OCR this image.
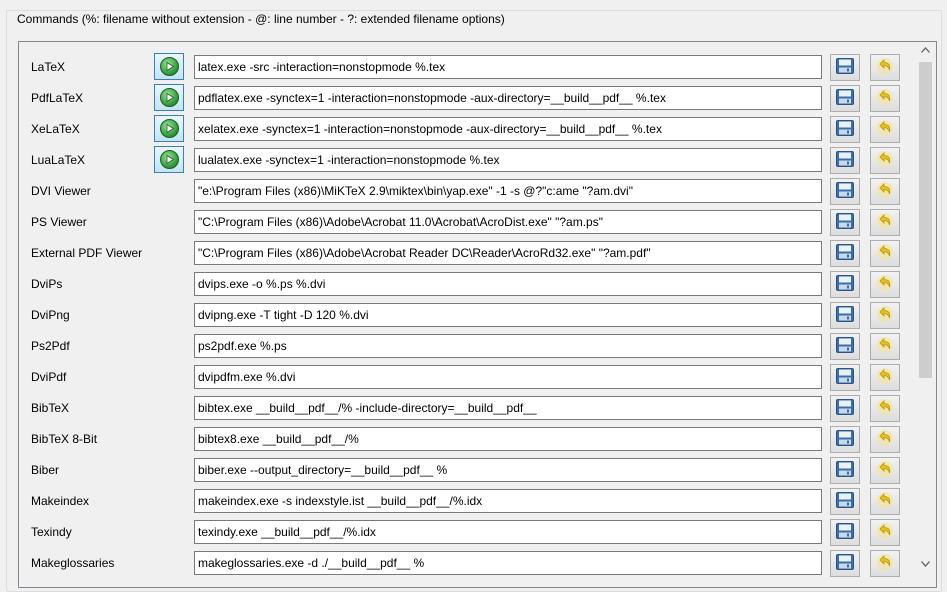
Commands (%: filename without extension - @: line number - ?: extended filename options)
LaTeX	latex.exe -src -interaction=nonstopmode %.tex
PdfLaTeX	pdflatex.exe -synctex=1 -interaction=nonstopmode -aux-directory=__build__pdf__ %.tex
XeLaTeX	xelatex.exe -synctex=1 -interaction=nonstopmode -aux-directory=__build__pdf__ %.tex
LuaLaTeX	lualatex.exe -synctex=1 -interaction=nonstopmode %.tex
DVI Viewer	"e:\Program Files (x86)\MiKTeX 2.9\miktex\bin\yap.exe" -1 -s @?"c:ame "?am.dvi"
PS Viewer	"C:\Program Files (x86)\Adobe\Acrobat 11.0\Acrobat\AcroDist.exe" "?am.ps"
External PDF Viewer	"C:\Program Files (x86)\Adobe\Acrobat Reader DC\Reader\AcroRd32.exe" "?am.pdf"
DviPs	dvips.exe -o %.ps %.dvi
DviPng	dvipng.exe -T tight -D 120 %.dvi
Ps2Pdf	ps2pdf.exe %.ps
DviPdf	dvipdfm.exe %.dvi
BibTeX	bibtex.exe __build__pdf__/% -include-directory=__build__pdf__
BibTeX 8-Bit	bibtex8.exe __build__pdf__/%
Biber	biber.exe --output_directory=__build__pdf__ %
Makeindex	makeindex.exe -s indexstyle.ist __build__pdf__/%.idx
Texindy	texindy.exe __build__pdf__/%.idx
Makeglossaries	makeglossaries.exe -d ./__build__pdf__ %
